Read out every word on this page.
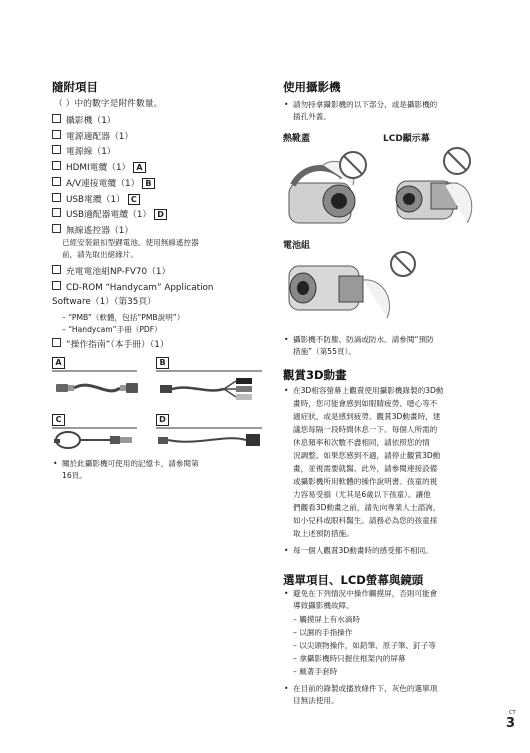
隨附項目

（ ）中的數字是附件數量。

攝影機（1）

電源適配器（1）

電源線（1）

HDMI電纜（1） A

A/V連接電纜（1） B

USB電纜（1） C

USB適配器電纜（1） D

無線遙控器（1）

已經安裝鈕扣型鋰電池。使用無線遙控器

前，請先取出絕緣片。

充電電池組NP-FV70（1）

CD-ROM “Handycam” Application

Software（1）（第35頁）

– “PMB”（軟體，包括“PMB說明”）

– “Handycam”手冊（PDF）

“操作指南”（本手冊）（1）

A	B
C	D

• 關於此攝影機可使用的記憶卡，請參閱第

16頁。

使用攝影機

• 請勿持拿攝影機的以下部分，或是攝影機的

插孔外蓋。

熱靴蓋	LCD顯示幕
電池組

• 攝影機不防塵、防滴或防水。請參閱“預防

措施”（第55頁）。

觀賞3D動畫

• 在3D相容螢幕上觀賞使用攝影機錄製的3D動

畫時，您可能會感到如眼睛疲勞、噁心等不

適症狀，或是感到疲勞。觀賞3D動畫時，建

議您每隔一段時間休息一下。每個人所需的

休息頻率和次數不盡相同，請依照您的情

況調整。如果您感到不適，請停止觀賞3D動

畫，並視需要就醫。此外，請參閱連接設備

或攝影機所用軟體的操作說明書。孩童的視

力容易受損（尤其是6歲以下孩童）。讓他

們觀看3D動畫之前，請先向專業人士諮詢，

如小兒科或眼科醫生。請務必為您的孩童採

取上述預防措施。

• 每一個人觀賞3D動畫時的感受都不相同。

選單項目、LCD螢幕與鏡頭

• 避免在下列情況中操作觸摸屏，否則可能會

導致攝影機故障。

– 觸摸屏上有水滴時

– 以濕的手指操作

– 以尖頭物操作，如鉛筆、原子筆、釘子等

– 拿攝影機時只握住框架內的屏幕

– 戴著手套時

• 在目前的錄製或播放條件下，灰色的選單項

目無法使用。

CT
3
